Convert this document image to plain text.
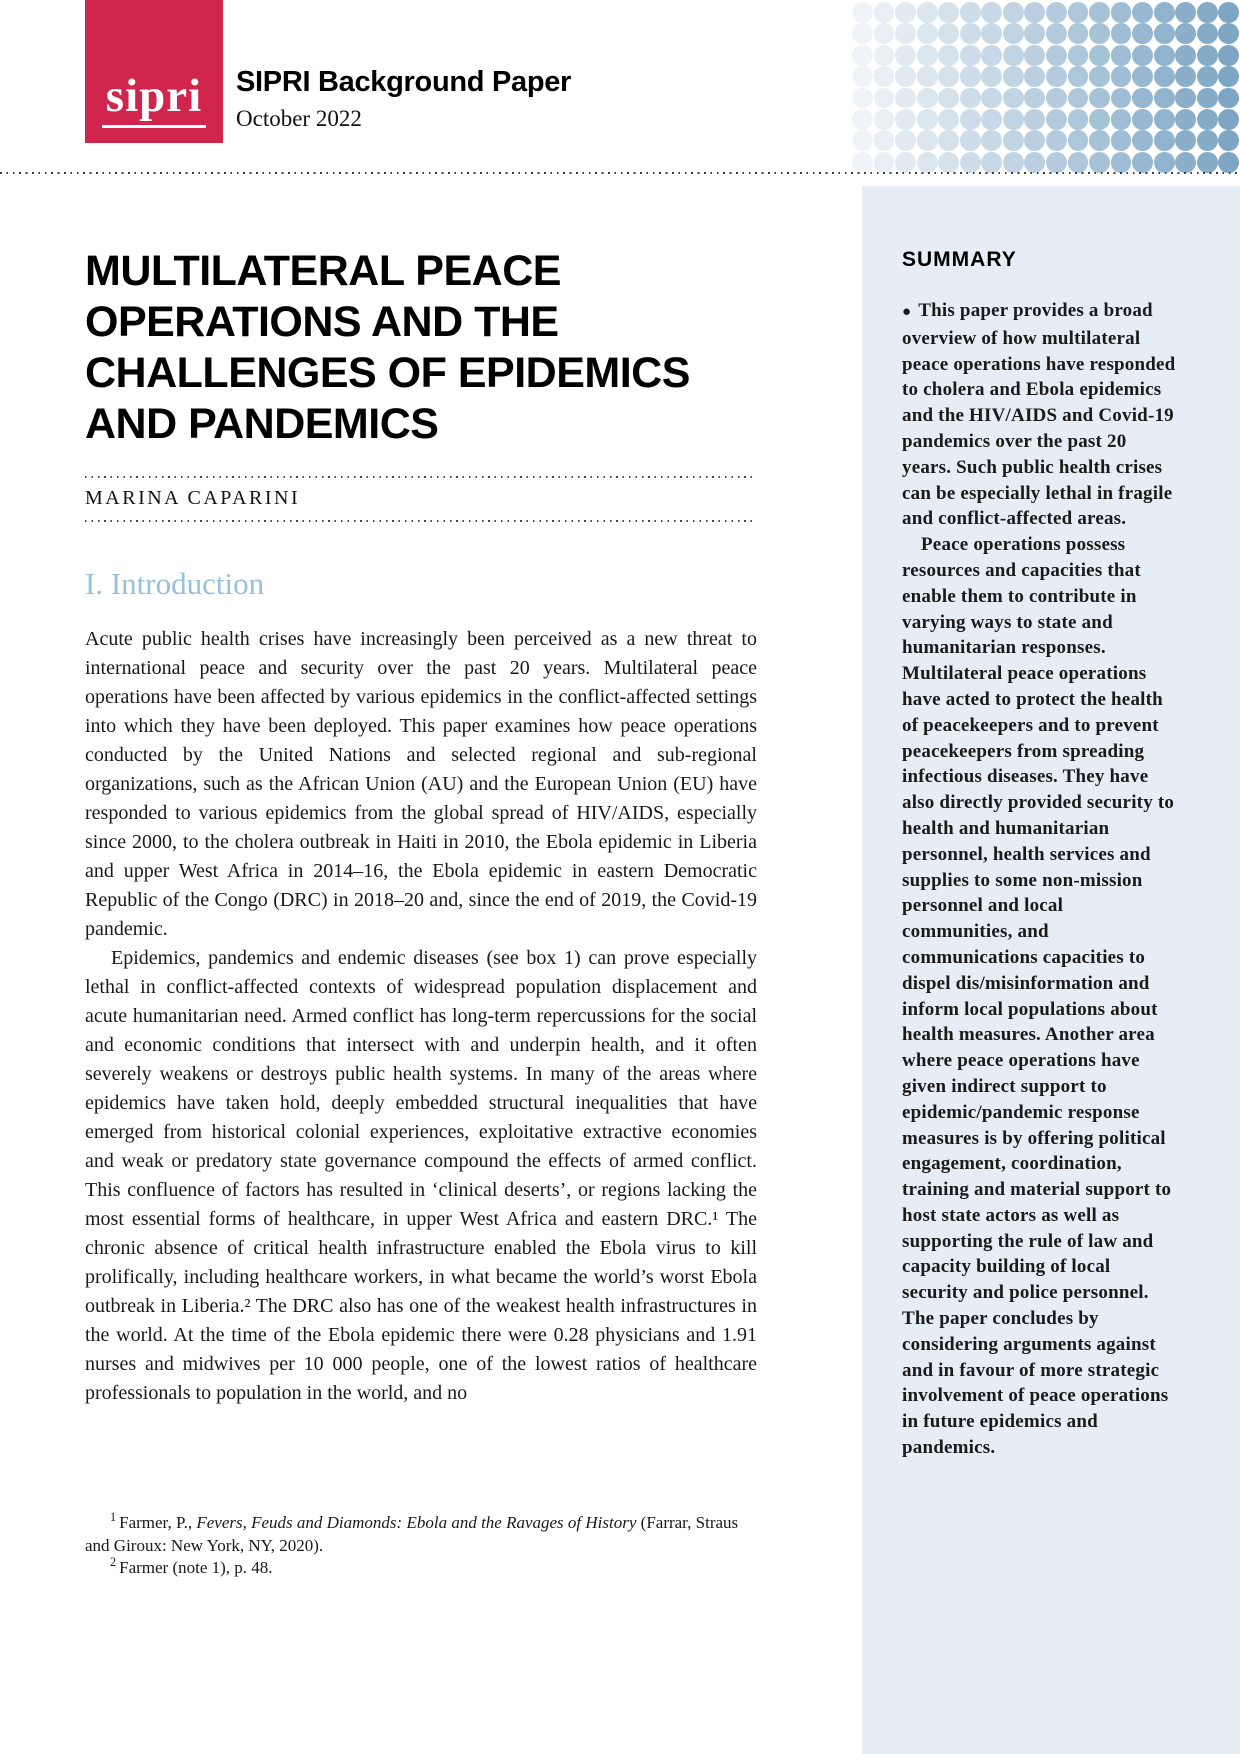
sipri SIPRI Background Paper
October 2022
MULTILATERAL PEACE
OPERATIONS AND THE
CHALLENGES OF EPIDEMICS
AND PANDEMICS
MARINA CAPARINI
I. Introduction

Acute public health crises have increasingly been perceived as a new threat to international peace and security over the past 20 years. Multilateral peace operations have been affected by various epidemics in the conflict-affected settings into which they have been deployed. This paper examines how peace operations conducted by the United Nations and selected regional and sub-regional organizations, such as the African Union (AU) and the European Union (EU) have responded to various epidemics from the global spread of HIV/AIDS, especially since 2000, to the cholera outbreak in Haiti in 2010, the Ebola epidemic in Liberia and upper West Africa in 2014–16, the Ebola epidemic in eastern Democratic Republic of the Congo (DRC) in 2018–20 and, since the end of 2019, the Covid-19 pandemic.

Epidemics, pandemics and endemic diseases (see box 1) can prove especially lethal in conflict-affected contexts of widespread population displacement and acute humanitarian need. Armed conflict has long-term repercussions for the social and economic conditions that intersect with and underpin health, and it often severely weakens or destroys public health systems. In many of the areas where epidemics have taken hold, deeply embedded structural inequalities that have emerged from historical colonial experiences, exploitative extractive economies and weak or predatory state governance compound the effects of armed conflict. This confluence of factors has resulted in ‘clinical deserts’, or regions lacking the most essential forms of healthcare, in upper West Africa and eastern DRC.¹ The chronic absence of critical health infrastructure enabled the Ebola virus to kill prolifically, including healthcare workers, in what became the world’s worst Ebola outbreak in Liberia.² The DRC also has one of the weakest health infrastructures in the world. At the time of the Ebola epidemic there were 0.28 physicians and 1.91 nurses and midwives per 10 000 people, one of the lowest ratios of healthcare professionals to population in the world, and no

$^1$ Farmer, P., Fevers, Feuds and Diamonds: Ebola and the Ravages of History (Farrar, Straus and Giroux: New York, NY, 2020).

$^2$ Farmer (note 1), p. 48.

SUMMARY

● This paper provides a broad overview of how multilateral peace operations have responded to cholera and Ebola epidemics and the HIV/AIDS and Covid-19 pandemics over the past 20 years. Such public health crises can be especially lethal in fragile and conflict-affected areas.

Peace operations possess resources and capacities that enable them to contribute in varying ways to state and humanitarian responses. Multilateral peace operations have acted to protect the health of peacekeepers and to prevent peacekeepers from spreading infectious diseases. They have also directly provided security to health and humanitarian personnel, health services and supplies to some non-mission personnel and local communities, and communications capacities to dispel dis/misinformation and inform local populations about health measures. Another area where peace operations have given indirect support to epidemic/pandemic response measures is by offering political engagement, coordination, training and material support to host state actors as well as supporting the rule of law and capacity building of local security and police personnel. The paper concludes by considering arguments against and in favour of more strategic involvement of peace operations in future epidemics and pandemics.
